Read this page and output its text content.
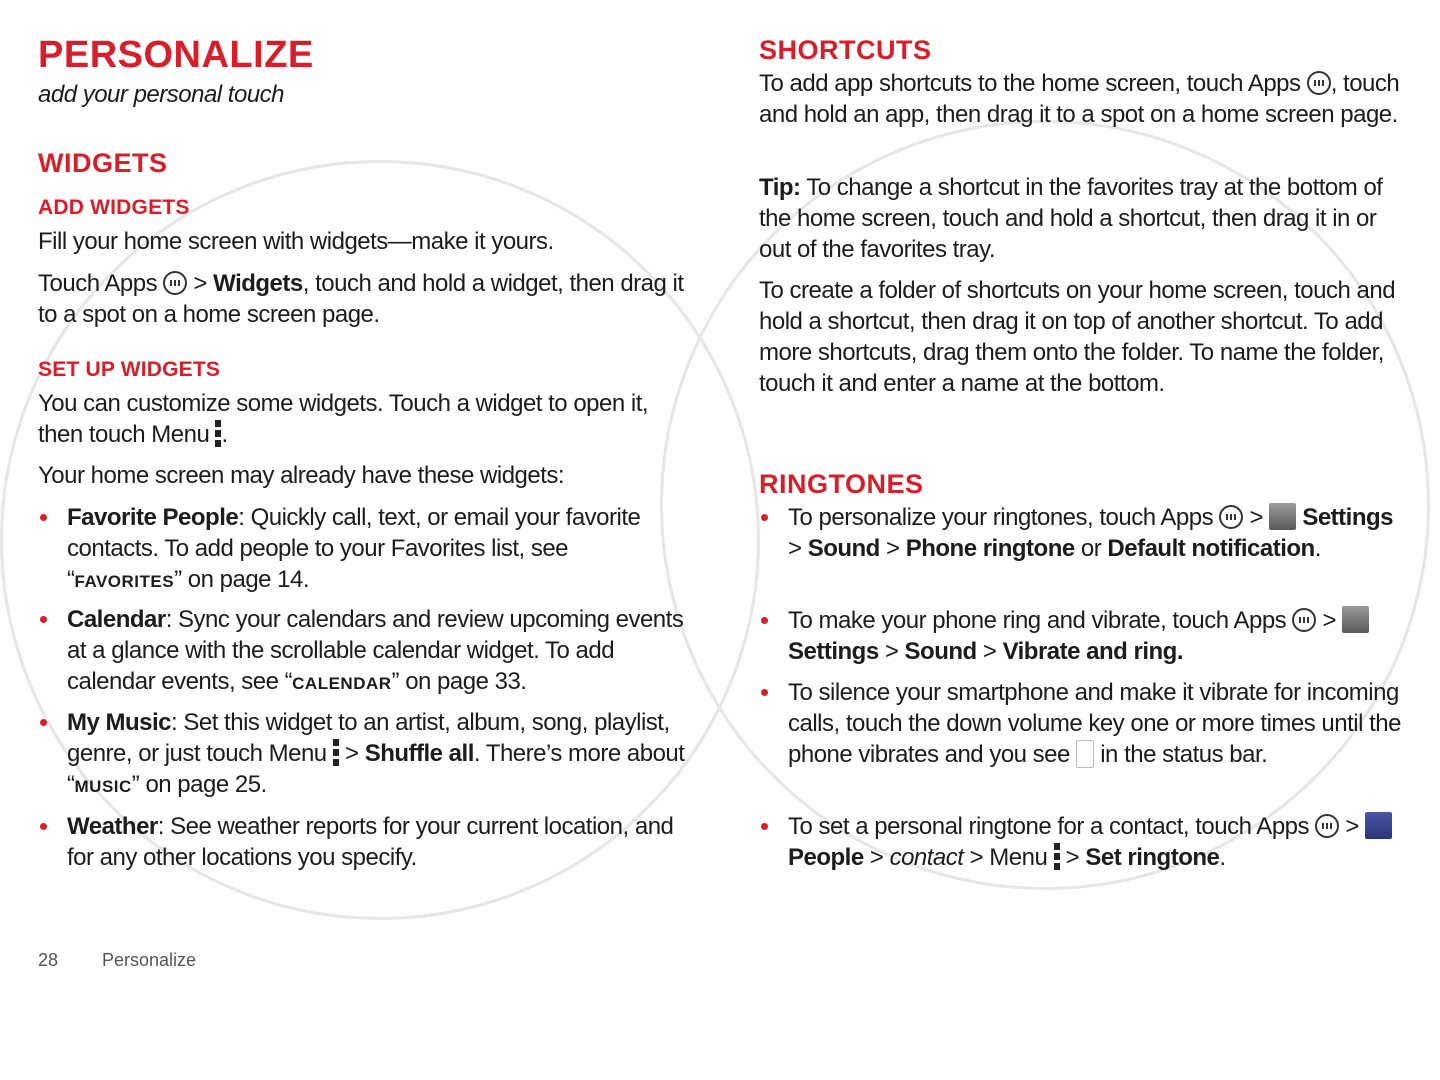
PERSONALIZE
add your personal touch
WIDGETS
ADD WIDGETS
Fill your home screen with widgets—make it yours.
Touch Apps  > Widgets, touch and hold a widget, then drag it to a spot on a home screen page.
SET UP WIDGETS
You can customize some widgets. Touch a widget to open it, then touch Menu .
Your home screen may already have these widgets:
Favorite People: Quickly call, text, or email your favorite contacts. To add people to your Favorites list, see “FAVORITES” on page 14.
Calendar: Sync your calendars and review upcoming events at a glance with the scrollable calendar widget. To add calendar events, see “CALENDAR” on page 33.
My Music: Set this widget to an artist, album, song, playlist, genre, or just touch Menu  > Shuffle all. There’s more about “MUSIC” on page 25.
Weather: See weather reports for your current location, and for any other locations you specify.
SHORTCUTS
To add app shortcuts to the home screen, touch Apps , touch and hold an app, then drag it to a spot on a home screen page.
Tip: To change a shortcut in the favorites tray at the bottom of the home screen, touch and hold a shortcut, then drag it in or out of the favorites tray.
To create a folder of shortcuts on your home screen, touch and hold a shortcut, then drag it on top of another shortcut. To add more shortcuts, drag them onto the folder. To name the folder, touch it and enter a name at the bottom.
RINGTONES
To personalize your ringtones, touch Apps  >  Settings > Sound > Phone ringtone or Default notification.
To make your phone ring and vibrate, touch Apps  >  Settings > Sound > Vibrate and ring.
To silence your smartphone and make it vibrate for incoming calls, touch the down volume key one or more times until the phone vibrates and you see  in the status bar.
To set a personal ringtone for a contact, touch Apps  >  People > contact > Menu  > Set ringtone.
28 Personalize
